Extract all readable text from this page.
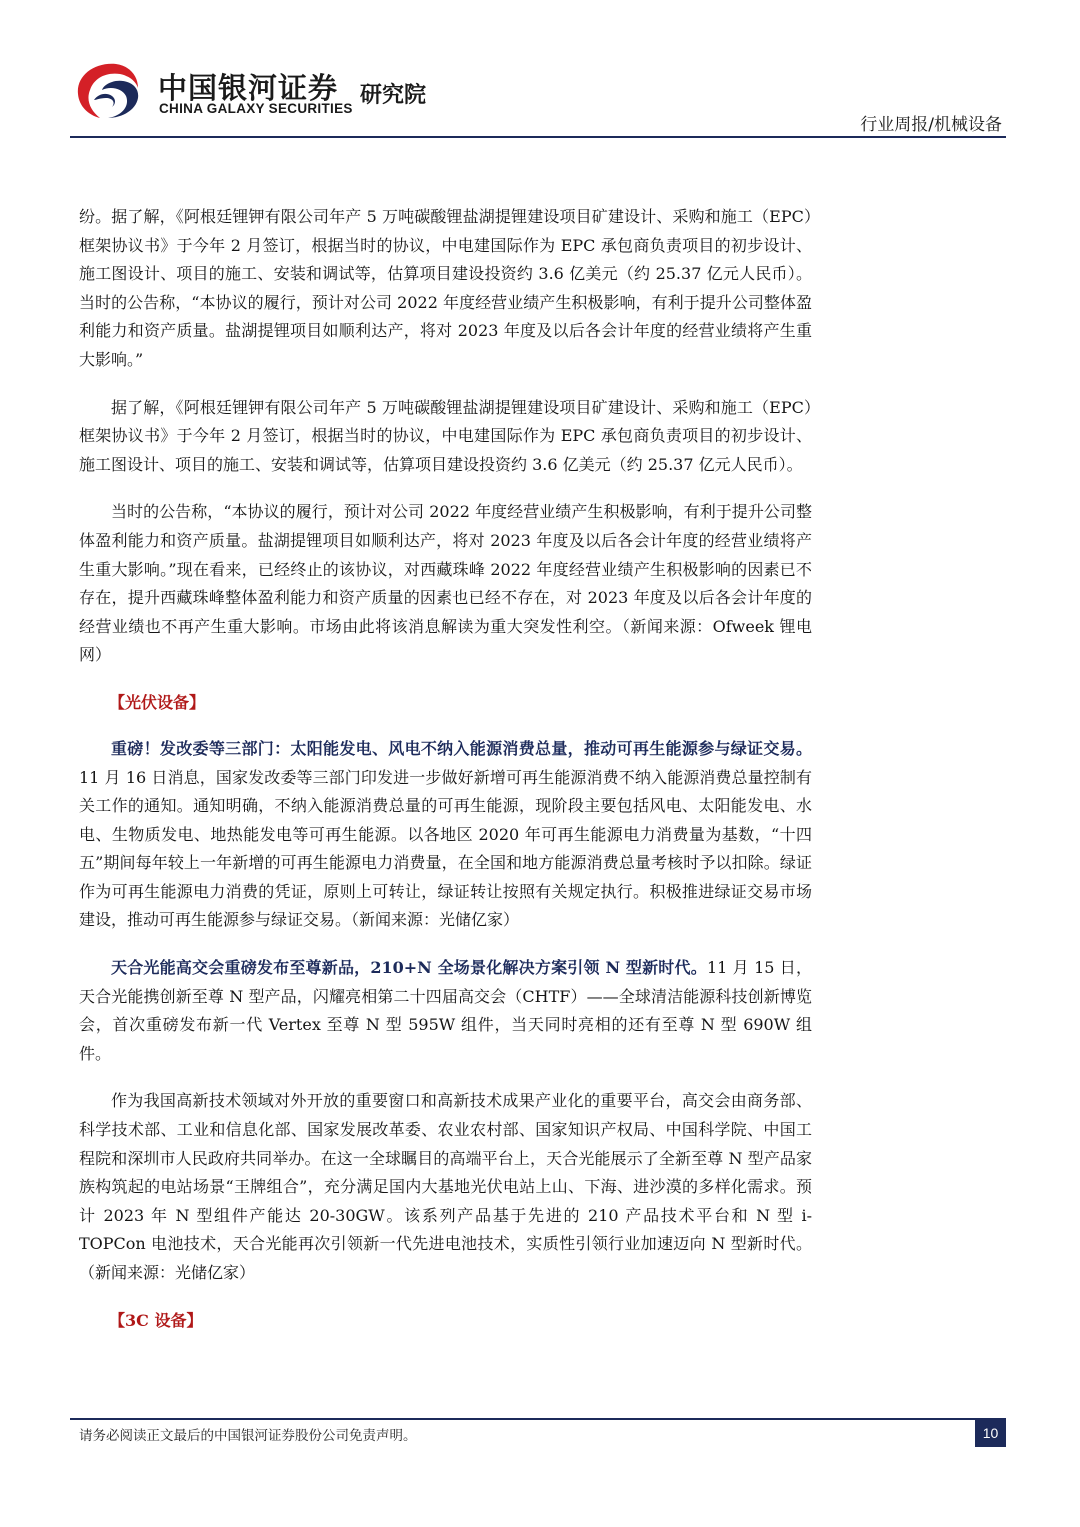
中国银河证券
CHINA GALAXY SECURITIES
研究院
行业周报/机械设备

纷。据了解，《阿根廷锂钾有限公司年产 5 万吨碳酸锂盐湖提锂建设项目矿建设计、采购和施工（EPC）框架协议书》于今年 2 月签订，根据当时的协议，中电建国际作为 EPC 承包商负责项目的初步设计、施工图设计、项目的施工、安装和调试等，估算项目建设投资约 3.6 亿美元（约 25.37 亿元人民币）。当时的公告称，“本协议的履行，预计对公司 2022 年度经营业绩产生积极影响，有利于提升公司整体盈利能力和资产质量。盐湖提锂项目如顺利达产，将对 2023 年度及以后各会计年度的经营业绩将产生重大影响。”

据了解，《阿根廷锂钾有限公司年产 5 万吨碳酸锂盐湖提锂建设项目矿建设计、采购和施工（EPC）框架协议书》于今年 2 月签订，根据当时的协议，中电建国际作为 EPC 承包商负责项目的初步设计、施工图设计、项目的施工、安装和调试等，估算项目建设投资约 3.6 亿美元（约 25.37 亿元人民币）。

当时的公告称，“本协议的履行，预计对公司 2022 年度经营业绩产生积极影响，有利于提升公司整体盈利能力和资产质量。盐湖提锂项目如顺利达产，将对 2023 年度及以后各会计年度的经营业绩将产生重大影响。”现在看来，已经终止的该协议，对西藏珠峰 2022 年度经营业绩产生积极影响的因素已不存在，提升西藏珠峰整体盈利能力和资产质量的因素也已经不存在，对 2023 年度及以后各会计年度的经营业绩也不再产生重大影响。市场由此将该消息解读为重大突发性利空。（新闻来源：Ofweek 锂电网）

【光伏设备】

重磅！发改委等三部门：太阳能发电、风电不纳入能源消费总量，推动可再生能源参与绿证交易。11 月 16 日消息，国家发改委等三部门印发进一步做好新增可再生能源消费不纳入能源消费总量控制有关工作的通知。通知明确，不纳入能源消费总量的可再生能源，现阶段主要包括风电、太阳能发电、水电、生物质发电、地热能发电等可再生能源。以各地区 2020 年可再生能源电力消费量为基数，“十四五”期间每年较上一年新增的可再生能源电力消费量，在全国和地方能源消费总量考核时予以扣除。绿证作为可再生能源电力消费的凭证，原则上可转让，绿证转让按照有关规定执行。积极推进绿证交易市场建设，推动可再生能源参与绿证交易。（新闻来源：光储亿家）

天合光能高交会重磅发布至尊新品，210+N 全场景化解决方案引领 N 型新时代。11 月 15 日，天合光能携创新至尊 N 型产品，闪耀亮相第二十四届高交会（CHTF）——全球清洁能源科技创新博览会，首次重磅发布新一代 Vertex 至尊 N 型 595W 组件，当天同时亮相的还有至尊 N 型 690W 组件。

作为我国高新技术领域对外开放的重要窗口和高新技术成果产业化的重要平台，高交会由商务部、科学技术部、工业和信息化部、国家发展改革委、农业农村部、国家知识产权局、中国科学院、中国工程院和深圳市人民政府共同举办。在这一全球瞩目的高端平台上，天合光能展示了全新至尊 N 型产品家族构筑起的电站场景“王牌组合”，充分满足国内大基地光伏电站上山、下海、进沙漠的多样化需求。预计 2023 年 N 型组件产能达 20-30GW。该系列产品基于先进的 210 产品技术平台和 N 型 i-TOPCon 电池技术，天合光能再次引领新一代先进电池技术，实质性引领行业加速迈向 N 型新时代。（新闻来源：光储亿家）

【3C 设备】
请务必阅读正文最后的中国银河证券股份公司免责声明。	10
